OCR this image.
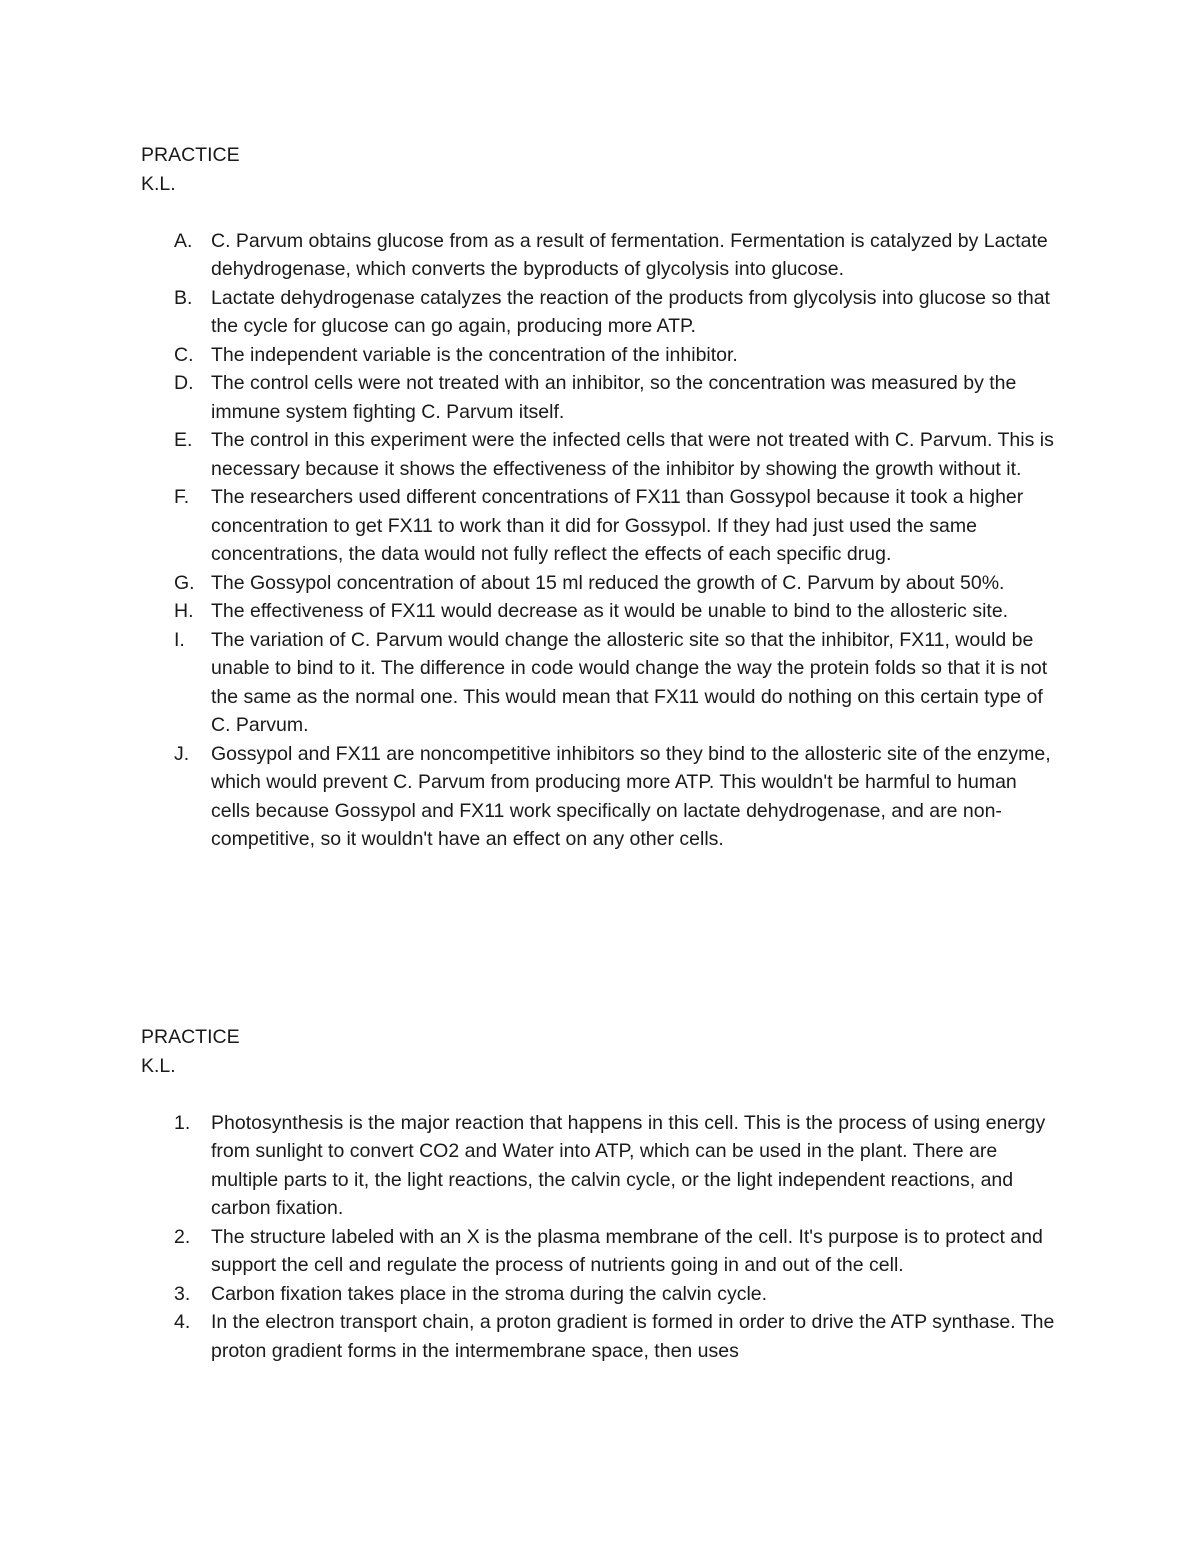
PRACTICE

K.L.

A. C. Parvum obtains glucose from as a result of fermentation. Fermentation is catalyzed by Lactate dehydrogenase, which converts the byproducts of glycolysis into glucose.
B. Lactate dehydrogenase catalyzes the reaction of the products from glycolysis into glucose so that the cycle for glucose can go again, producing more ATP.
C. The independent variable is the concentration of the inhibitor.
D. The control cells were not treated with an inhibitor, so the concentration was measured by the immune system fighting C. Parvum itself.
E. The control in this experiment were the infected cells that were not treated with C. Parvum. This is necessary because it shows the effectiveness of the inhibitor by showing the growth without it.
F.	The researchers used different concentrations of FX11 than Gossypol because it took a higher concentration to get FX11 to work than it did for Gossypol. If they had just used the same concentrations, the data would not fully reflect the effects of each specific drug.
G. The Gossypol concentration of about 15 ml reduced the growth of C. Parvum by about 50%.
H. The effectiveness of FX11 would decrease as it would be unable to bind to the allosteric site.
I.	The variation of C. Parvum would change the allosteric site so that the inhibitor, FX11, would be unable to bind to it. The difference in code would change the way the protein folds so that it is not the same as the normal one. This would mean that FX11 would do nothing on this certain type of C. Parvum.
J.	Gossypol and FX11 are noncompetitive inhibitors so they bind to the allosteric site of the enzyme, which would prevent C. Parvum from producing more ATP. This wouldn't be harmful to human cells because Gossypol and FX11 work specifically on lactate dehydrogenase, and are non-competitive, so it wouldn't have an effect on any other cells.

PRACTICE

K.L.

1.	Photosynthesis is the major reaction that happens in this cell. This is the process of using energy from sunlight to convert CO2 and Water into ATP, which can be used in the plant. There are multiple parts to it, the light reactions, the calvin cycle, or the light independent reactions, and carbon fixation.
2.	The structure labeled with an X is the plasma membrane of the cell. It's purpose is to protect and support the cell and regulate the process of nutrients going in and out of the cell.
3.	Carbon fixation takes place in the stroma during the calvin cycle.
4.	In the electron transport chain, a proton gradient is formed in order to drive the ATP synthase. The proton gradient forms in the intermembrane space, then uses
